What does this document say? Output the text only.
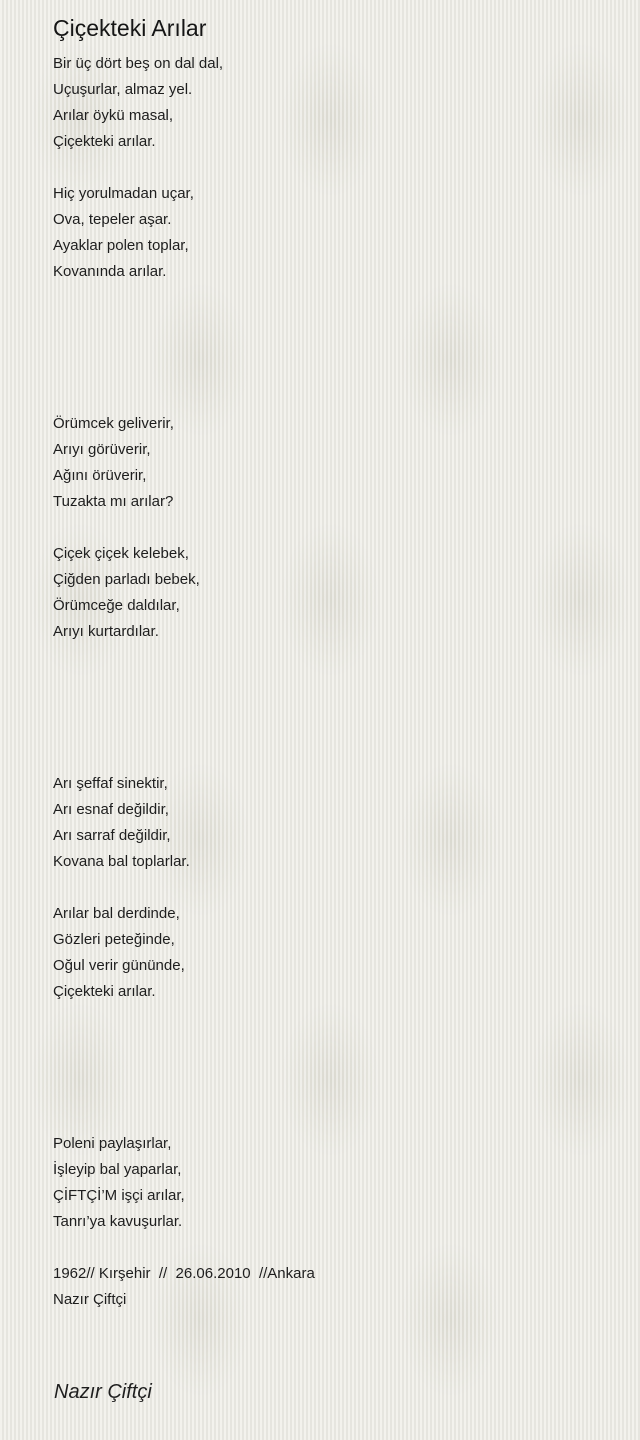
Çiçekteki Arılar
Bir üç dört beş on dal dal,
Uçuşurlar, almaz yel.
Arılar öykü masal,
Çiçekteki arılar.
Hiç yorulmadan uçar,
Ova, tepeler aşar.
Ayaklar polen toplar,
Kovanında arılar.
Örümcek geliverir,
Arıyı görüverir,
Ağını örüverir,
Tuzakta mı arılar?
Çiçek çiçek kelebek,
Çiğden parladı bebek,
Örümceğe daldılar,
Arıyı kurtardılar.
Arı şeffaf sinektir,
Arı esnaf değildir,
Arı sarraf değildir,
Kovana bal toplarlar.
Arılar bal derdinde,
Gözleri peteğinde,
Oğul verir gününde,
Çiçekteki arılar.
Poleni paylaşırlar,
İşleyip bal yaparlar,
ÇİFTÇİ’M işçi arılar,
Tanrı’ya kavuşurlar.
1962// Kırşehir  //  26.06.2010  //Ankara
Nazır Çiftçi
Nazır Çiftçi
